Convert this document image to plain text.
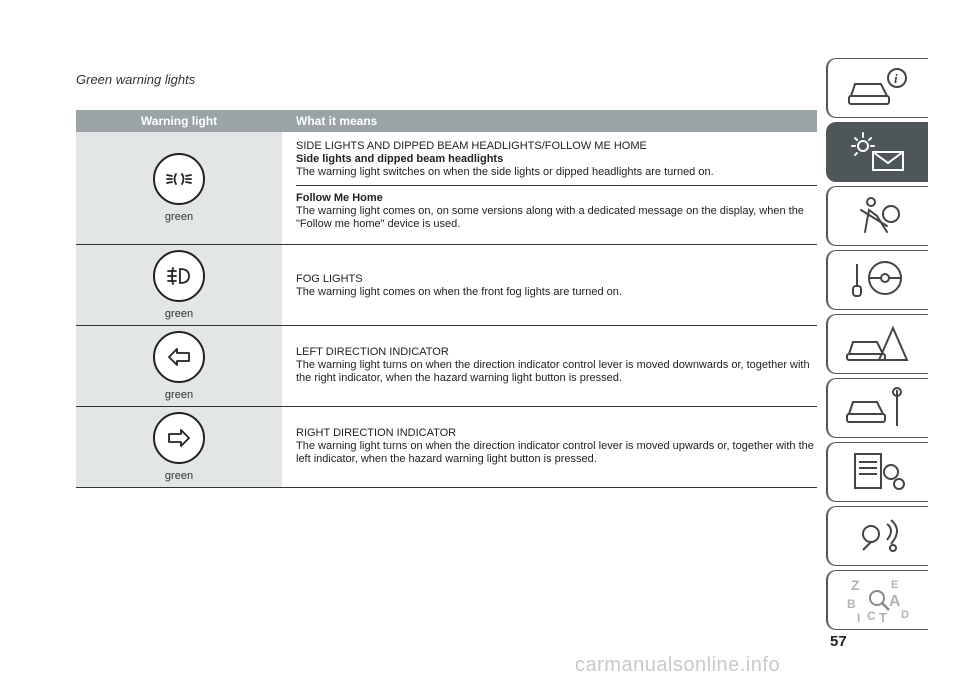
Green warning lights
Warning light	What it means
green
SIDE LIGHTS AND DIPPED BEAM HEADLIGHTS/FOLLOW ME HOME
Side lights and dipped beam headlights
The warning light switches on when the side lights or dipped headlights are turned on.
Follow Me Home
The warning light comes on, on some versions along with a dedicated message on the display, when the "Follow me home" device is used.
green
FOG LIGHTS
The warning light comes on when the front fog lights are turned on.
green
LEFT DIRECTION INDICATOR
The warning light turns on when the direction indicator control lever is moved downwards or, together with the right indicator, when the hazard warning light button is pressed.
green
RIGHT DIRECTION INDICATOR
The warning light turns on when the direction indicator control lever is moved upwards or, together with the left indicator, when the hazard warning light button is pressed.
i
Z	E
A
B
C T D
I
57
carmanualsonline.info
